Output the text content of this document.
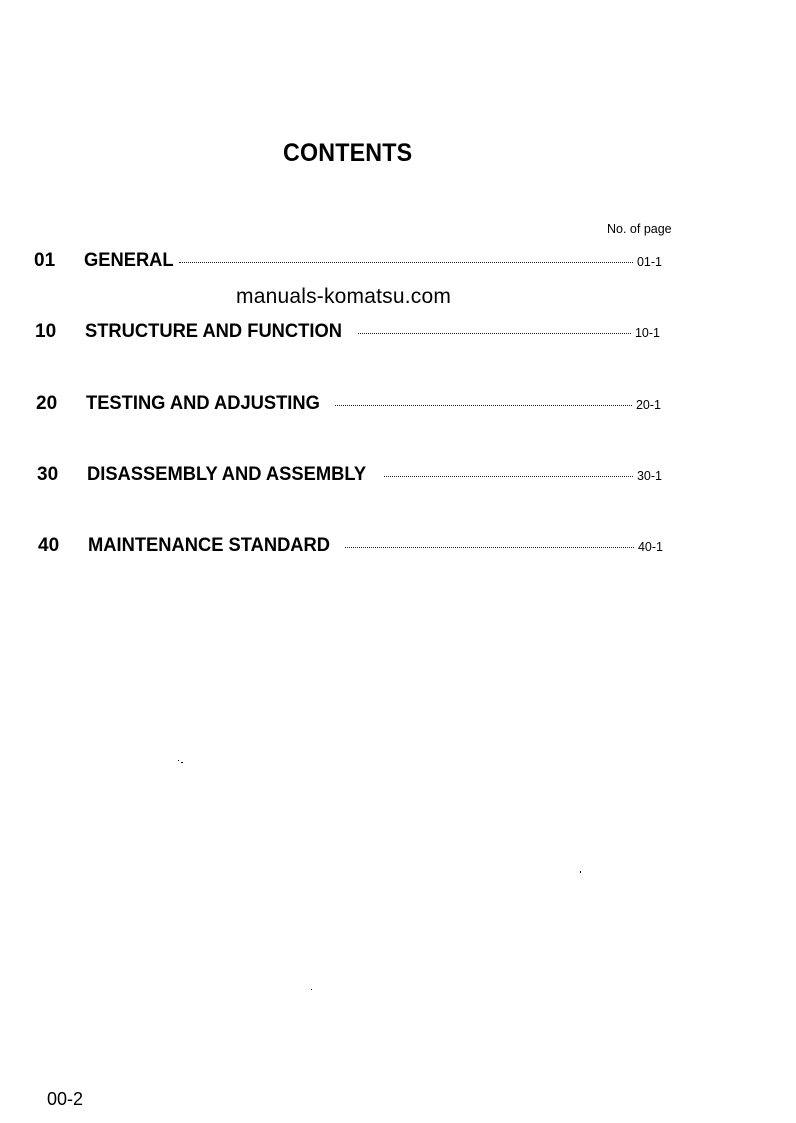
CONTENTS
No. of page
manuals-komatsu.com
01	GENERAL	01-1
10	STRUCTURE AND FUNCTION	10-1
20	TESTING AND ADJUSTING	20-1
30	DISASSEMBLY AND ASSEMBLY	30-1
40	MAINTENANCE STANDARD	40-1
00-2
